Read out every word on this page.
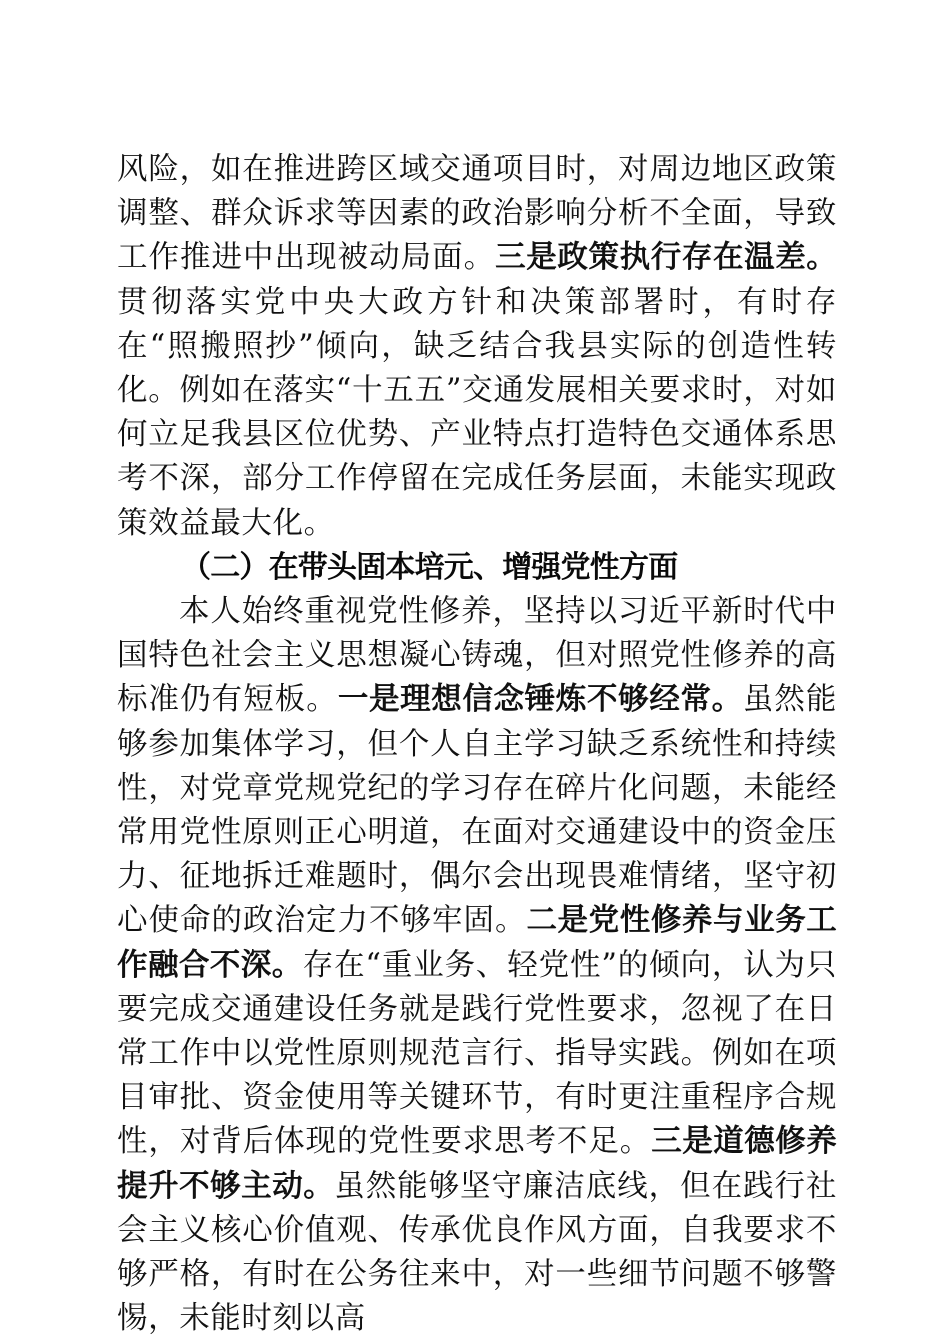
风险，如在推进跨区域交通项目时，对周边地区政策调整、群众诉求等因素的政治影响分析不全面，导致工作推进中出现被动局面。三是政策执行存在温差。贯彻落实党中央大政方针和决策部署时，有时存在“照搬照抄”倾向，缺乏结合我县实际的创造性转化。例如在落实“十五五”交通发展相关要求时，对如何立足我县区位优势、产业特点打造特色交通体系思考不深，部分工作停留在完成任务层面，未能实现政策效益最大化。

（二）在带头固本培元、增强党性方面

本人始终重视党性修养，坚持以习近平新时代中国特色社会主义思想凝心铸魂，但对照党性修养的高标准仍有短板。一是理想信念锤炼不够经常。虽然能够参加集体学习，但个人自主学习缺乏系统性和持续性，对党章党规党纪的学习存在碎片化问题，未能经常用党性原则正心明道，在面对交通建设中的资金压力、征地拆迁难题时，偶尔会出现畏难情绪，坚守初心使命的政治定力不够牢固。二是党性修养与业务工作融合不深。存在“重业务、轻党性”的倾向，认为只要完成交通建设任务就是践行党性要求，忽视了在日常工作中以党性原则规范言行、指导实践。例如在项目审批、资金使用等关键环节，有时更注重程序合规性，对背后体现的党性要求思考不足。三是道德修养提升不够主动。虽然能够坚守廉洁底线，但在践行社会主义核心价值观、传承优良作风方面，自我要求不够严格，有时在公务往来中，对一些细节问题不够警惕，未能时刻以高
